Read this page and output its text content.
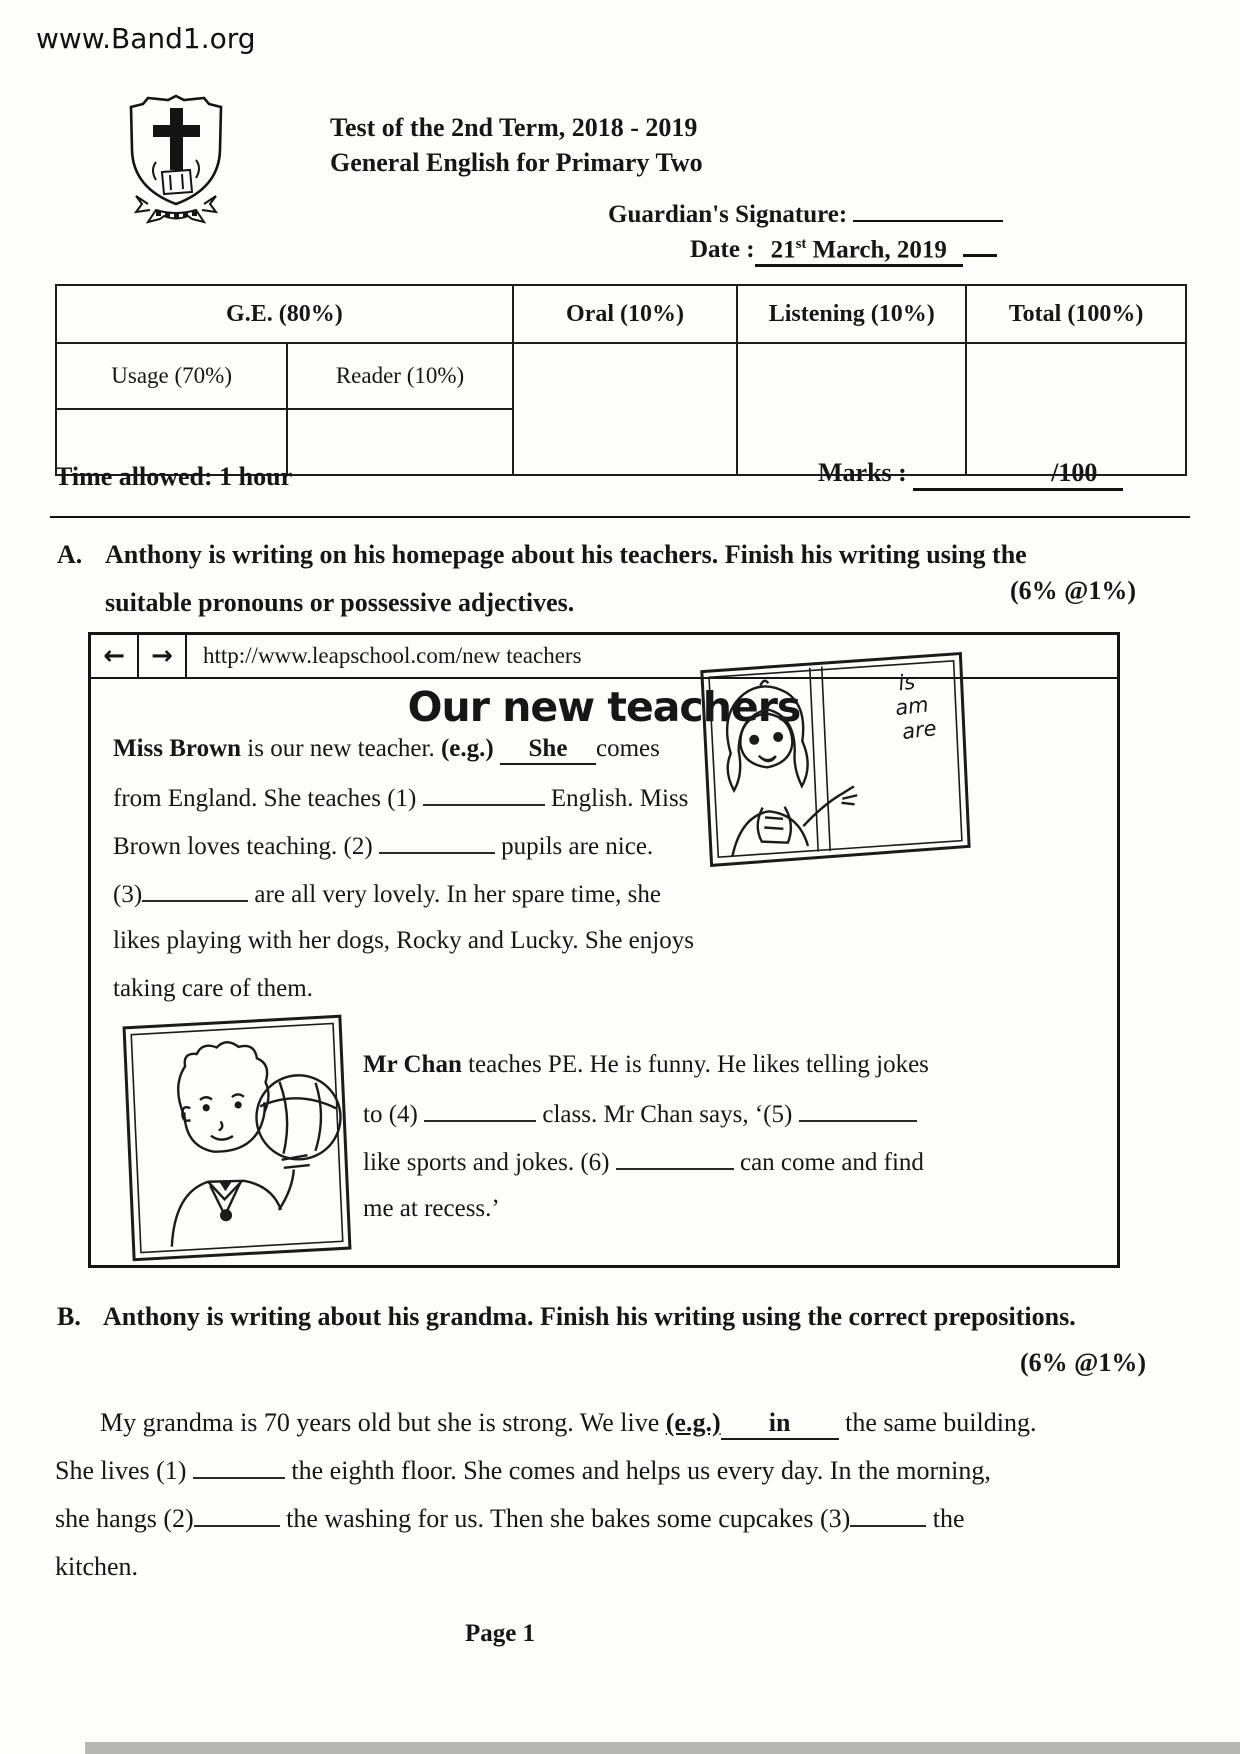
www.Band1.org
Test of the 2nd Term, 2018 - 2019
General English for Primary Two
Guardian's Signature:
Date : 21st March, 2019
G.E. (80%)		Oral (10%)	Listening (10%)	Total (100%)
Usage (70%)	Reader (10%)			

Time allowed: 1 hour	Marks :	/100
A. Anthony is writing on his homepage about his teachers. Finish his writing using the
suitable pronouns or possessive adjectives.	(6% @1%)
←	→	http://www.leapschool.com/new teachers
Our new teachers
Miss Brown is our new teacher. (e.g.) She comes
from England. She teaches (1)	English. Miss
Brown loves teaching. (2)	pupils are nice.
(3)	are all very lovely. In her spare time, she
likes playing with her dogs, Rocky and Lucky. She enjoys
taking care of them.
is
am
are
Mr Chan teaches PE. He is funny. He likes telling jokes
to (4)	class. Mr Chan says, ‘(5)
like sports and jokes. (6)	can come and find
me at recess.’
B. Anthony is writing about his grandma. Finish his writing using the correct prepositions.
(6% @1%)
My grandma is 70 years old but she is strong. We live (e.g.) in the same building.
She lives (1)	the eighth floor. She comes and helps us every day. In the morning,
she hangs (2)	the washing for us. Then she bakes some cupcakes (3)	the
kitchen.
Page 1
